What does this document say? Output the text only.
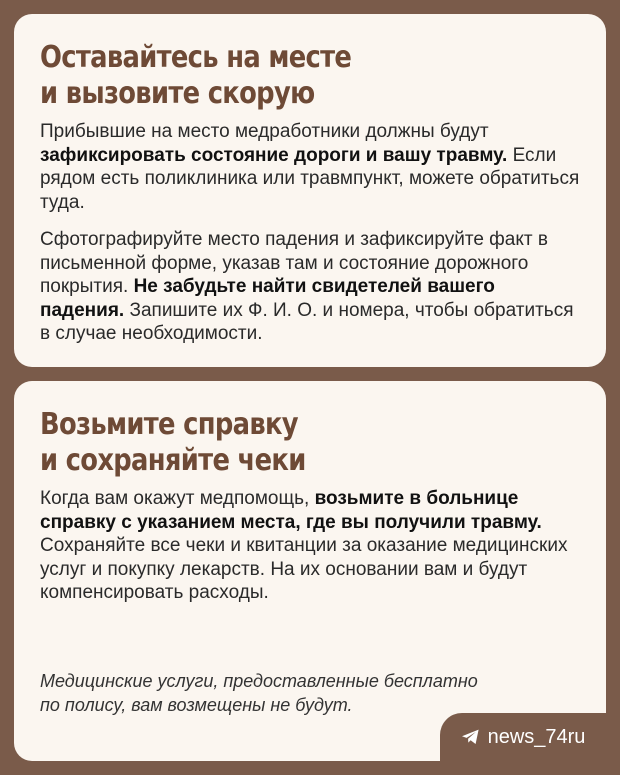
Оставайтесь на месте
и вызовите скорую

Прибывшие на место медработники должны будут зафиксировать состояние дороги и вашу травму. Если рядом есть поликлиника или травмпункт, можете обратиться туда.

Сфотографируйте место падения и зафиксируйте факт в письменной форме, указав там и состояние дорожного покрытия. Не забудьте найти свидетелей вашего падения. Запишите их Ф. И. О. и номера, чтобы обратиться в случае необходимости.

Возьмите справку
и сохраняйте чеки

Когда вам окажут медпомощь, возьмите в больнице справку с указанием места, где вы получили травму. Сохраняйте все чеки и квитанции за оказание медицинских услуг и покупку лекарств. На их основании вам и будут компенсировать расходы.

Медицинские услуги, предоставленные бесплатно
по полису, вам возмещены не будут.

news_74ru
